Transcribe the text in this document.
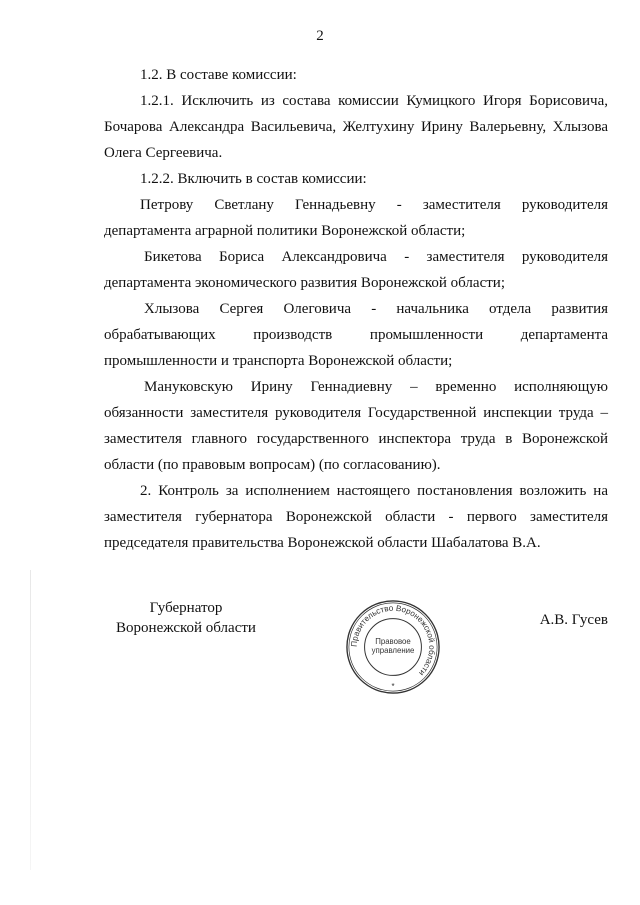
2

1.2. В составе комиссии:

1.2.1. Исключить из состава комиссии Кумицкого Игоря Борисовича, Бочарова Александра Васильевича, Желтухину Ирину Валерьевну, Хлызова Олега Сергеевича.

1.2.2. Включить в состав комиссии:

Петрову Светлану Геннадьевну - заместителя руководителя департамента аграрной политики Воронежской области;

Бикетова Бориса Александровича - заместителя руководителя департамента экономического развития Воронежской области;

Хлызова Сергея Олеговича - начальника отдела развития обрабатывающих производств промышленности департамента промышленности и транспорта Воронежской области;

Мануковскую Ирину Геннадиевну – временно исполняющую обязанности заместителя руководителя Государственной инспекции труда – заместителя главного государственного инспектора труда в Воронежской области (по правовым вопросам) (по согласованию).

2. Контроль за исполнением настоящего постановления возложить на заместителя губернатора Воронежской области - первого заместителя председателя правительства Воронежской области Шабалатова В.А.

Губернатор
Воронежской области
Правительство Воронежской области
Правовое
управление
*
А.В. Гусев
